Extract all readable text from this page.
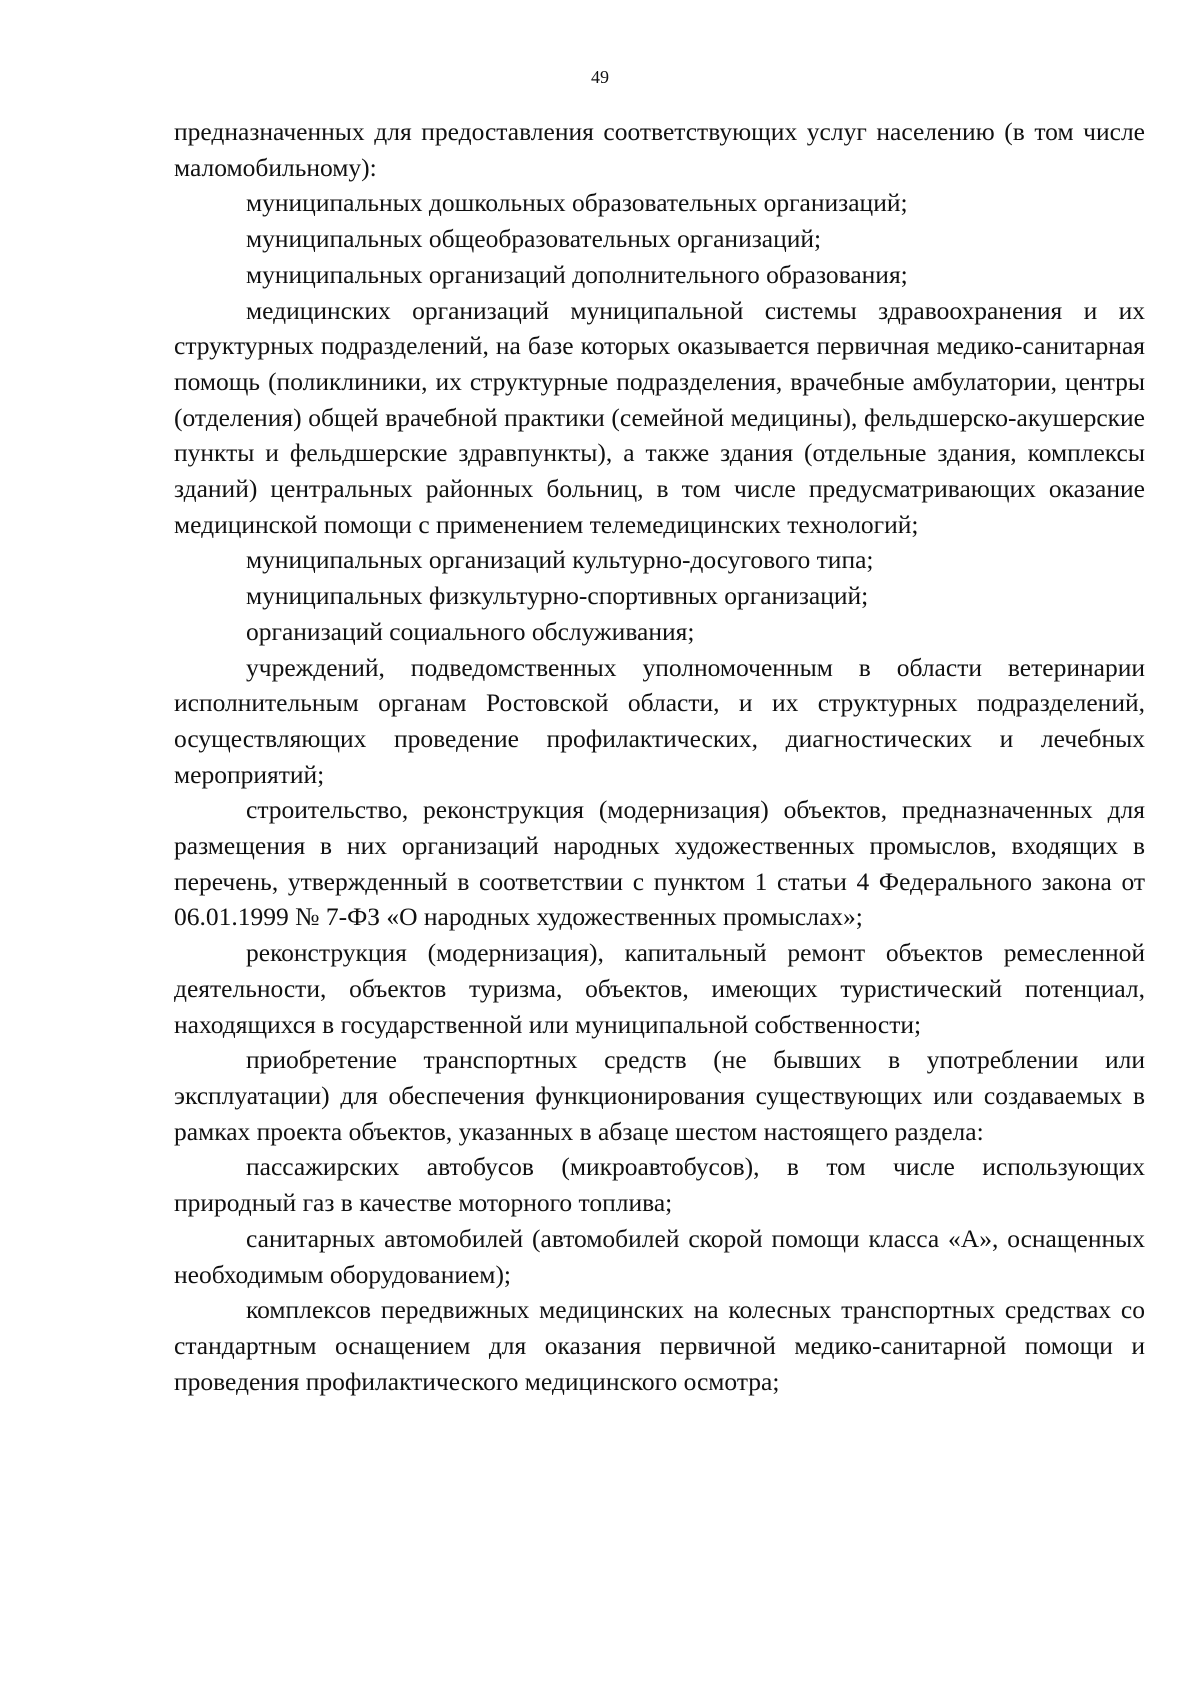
49

предназначенных для предоставления соответствующих услуг населению (в том числе маломобильному):

муниципальных дошкольных образовательных организаций;

муниципальных общеобразовательных организаций;

муниципальных организаций дополнительного образования;

медицинских организаций муниципальной системы здравоохранения и их структурных подразделений, на базе которых оказывается первичная медико-санитарная помощь (поликлиники, их структурные подразделения, врачебные амбулатории, центры (отделения) общей врачебной практики (семейной медицины), фельдшерско-акушерские пункты и фельдшерские здравпункты), а также здания (отдельные здания, комплексы зданий) центральных районных больниц, в том числе предусматривающих оказание медицинской помощи с применением телемедицинских технологий;

муниципальных организаций культурно-досугового типа;

муниципальных физкультурно-спортивных организаций;

организаций социального обслуживания;

учреждений, подведомственных уполномоченным в области ветеринарии исполнительным органам Ростовской области, и их структурных подразделений, осуществляющих проведение профилактических, диагностических и лечебных мероприятий;

строительство, реконструкция (модернизация) объектов, предназначенных для размещения в них организаций народных художественных промыслов, входящих в перечень, утвержденный в соответствии с пунктом 1 статьи 4 Федерального закона от 06.01.1999 № 7-ФЗ «О народных художественных промыслах»;

реконструкция (модернизация), капитальный ремонт объектов ремесленной деятельности, объектов туризма, объектов, имеющих туристический потенциал, находящихся в государственной или муниципальной собственности;

приобретение транспортных средств (не бывших в употреблении или эксплуатации) для обеспечения функционирования существующих или создаваемых в рамках проекта объектов, указанных в абзаце шестом настоящего раздела:

пассажирских автобусов (микроавтобусов), в том числе использующих природный газ в качестве моторного топлива;

санитарных автомобилей (автомобилей скорой помощи класса «А», оснащенных необходимым оборудованием);

комплексов передвижных медицинских на колесных транспортных средствах со стандартным оснащением для оказания первичной медико-санитарной помощи и проведения профилактического медицинского осмотра;
